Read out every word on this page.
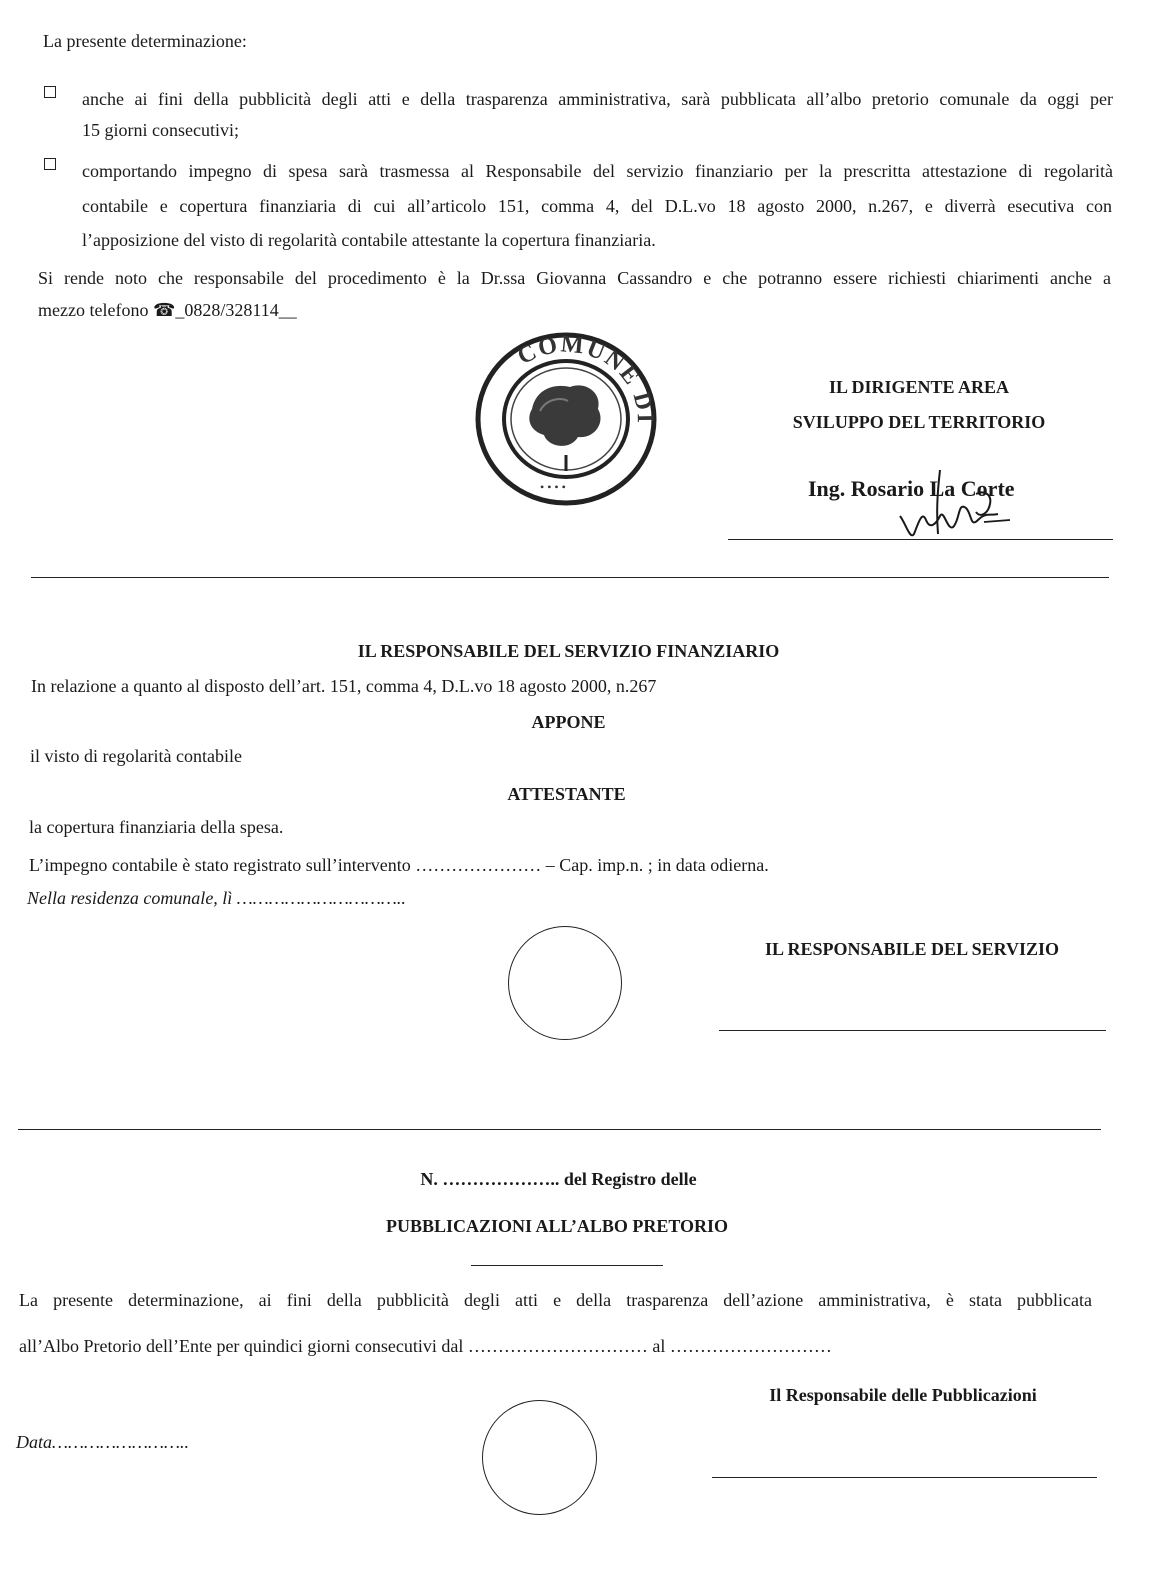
La presente determinazione:
anche ai fini della pubblicità degli atti e della trasparenza amministrativa, sarà pubblicata all’albo pretorio comunale da oggi per
15 giorni consecutivi;
comportando impegno di spesa sarà trasmessa al Responsabile del servizio finanziario per la prescritta attestazione di regolarità
contabile e copertura finanziaria di cui all’articolo 151, comma 4, del D.L.vo 18 agosto 2000, n.267, e diverrà esecutiva con
l’apposizione del visto di regolarità contabile attestante la copertura finanziaria.
Si rende noto che responsabile del procedimento è la Dr.ssa Giovanna Cassandro e che potranno essere richiesti chiarimenti anche a
mezzo telefono ☎_0828/328114__
COMUNE DI
• • • •
IL DIRIGENTE AREA
SVILUPPO DEL TERRITORIO
Ing. Rosario La Corte
IL RESPONSABILE DEL SERVIZIO FINANZIARIO
In relazione a quanto al disposto dell’art. 151, comma 4, D.L.vo 18 agosto 2000, n.267
APPONE
il visto di regolarità contabile
ATTESTANTE
la copertura finanziaria della spesa.
L’impegno contabile è stato registrato sull’intervento ………………… – Cap. imp.n. ; in data odierna.
Nella residenza comunale, lì …………………………..
IL RESPONSABILE DEL SERVIZIO
N. ……………….. del Registro delle
PUBBLICAZIONI ALL’ALBO PRETORIO
La presente determinazione, ai fini della pubblicità degli atti e della trasparenza dell’azione amministrativa, è stata pubblicata
all’Albo Pretorio dell’Ente per quindici giorni consecutivi dal ………………………… al ………………………
Il Responsabile delle Pubblicazioni
Data……………………..
